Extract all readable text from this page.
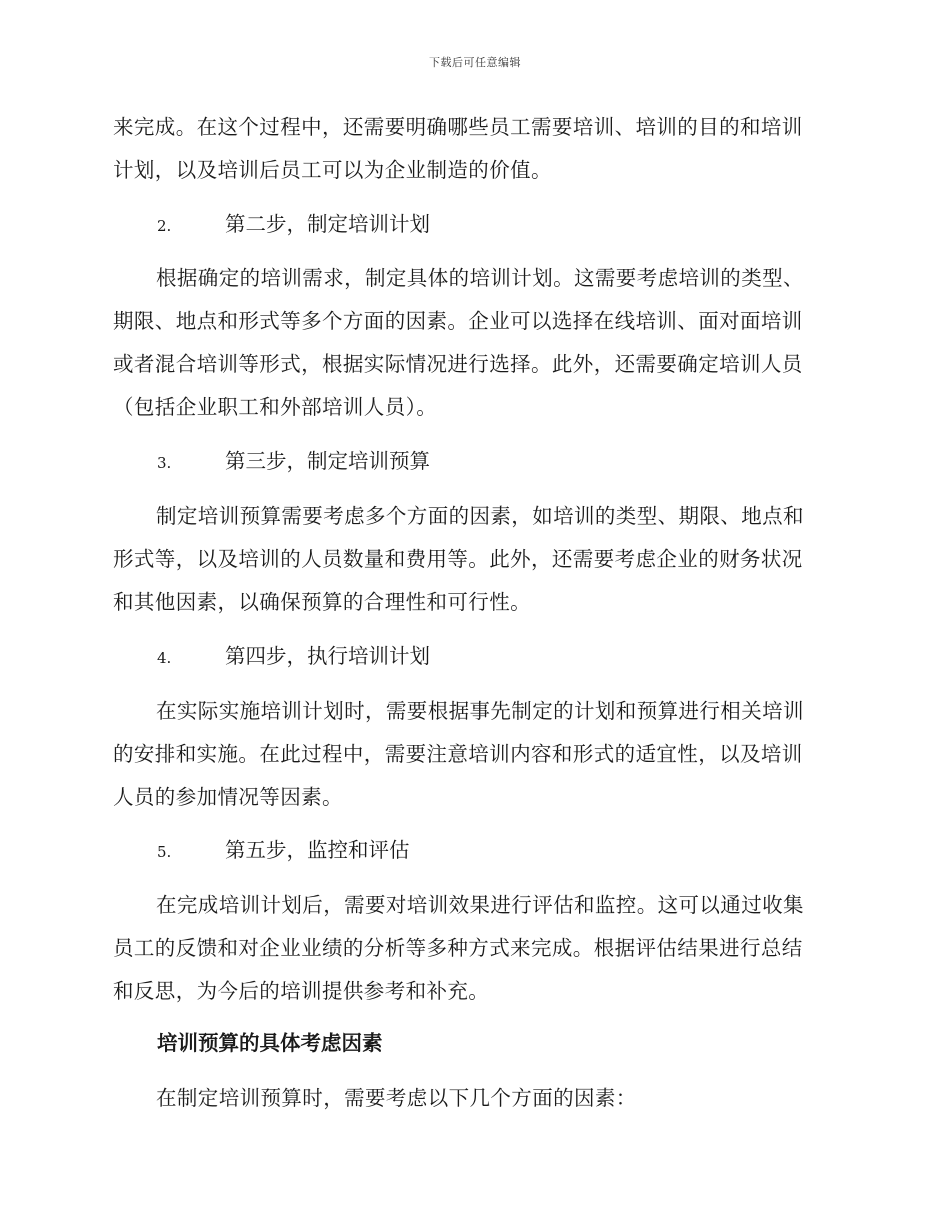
下载后可任意编辑
来完成。在这个过程中，还需要明确哪些员工需要培训、培训的目的和培训
计划，以及培训后员工可以为企业制造的价值。
2.	第二步，制定培训计划
根据确定的培训需求，制定具体的培训计划。这需要考虑培训的类型、
期限、地点和形式等多个方面的因素。企业可以选择在线培训、面对面培训
或者混合培训等形式，根据实际情况进行选择。此外，还需要确定培训人员
（包括企业职工和外部培训人员）。
3.	第三步，制定培训预算
制定培训预算需要考虑多个方面的因素，如培训的类型、期限、地点和
形式等，以及培训的人员数量和费用等。此外，还需要考虑企业的财务状况
和其他因素，以确保预算的合理性和可行性。
4.	第四步，执行培训计划
在实际实施培训计划时，需要根据事先制定的计划和预算进行相关培训
的安排和实施。在此过程中，需要注意培训内容和形式的适宜性，以及培训
人员的参加情况等因素。
5.	第五步，监控和评估
在完成培训计划后，需要对培训效果进行评估和监控。这可以通过收集
员工的反馈和对企业业绩的分析等多种方式来完成。根据评估结果进行总结
和反思，为今后的培训提供参考和补充。
培训预算的具体考虑因素
在制定培训预算时，需要考虑以下几个方面的因素：
